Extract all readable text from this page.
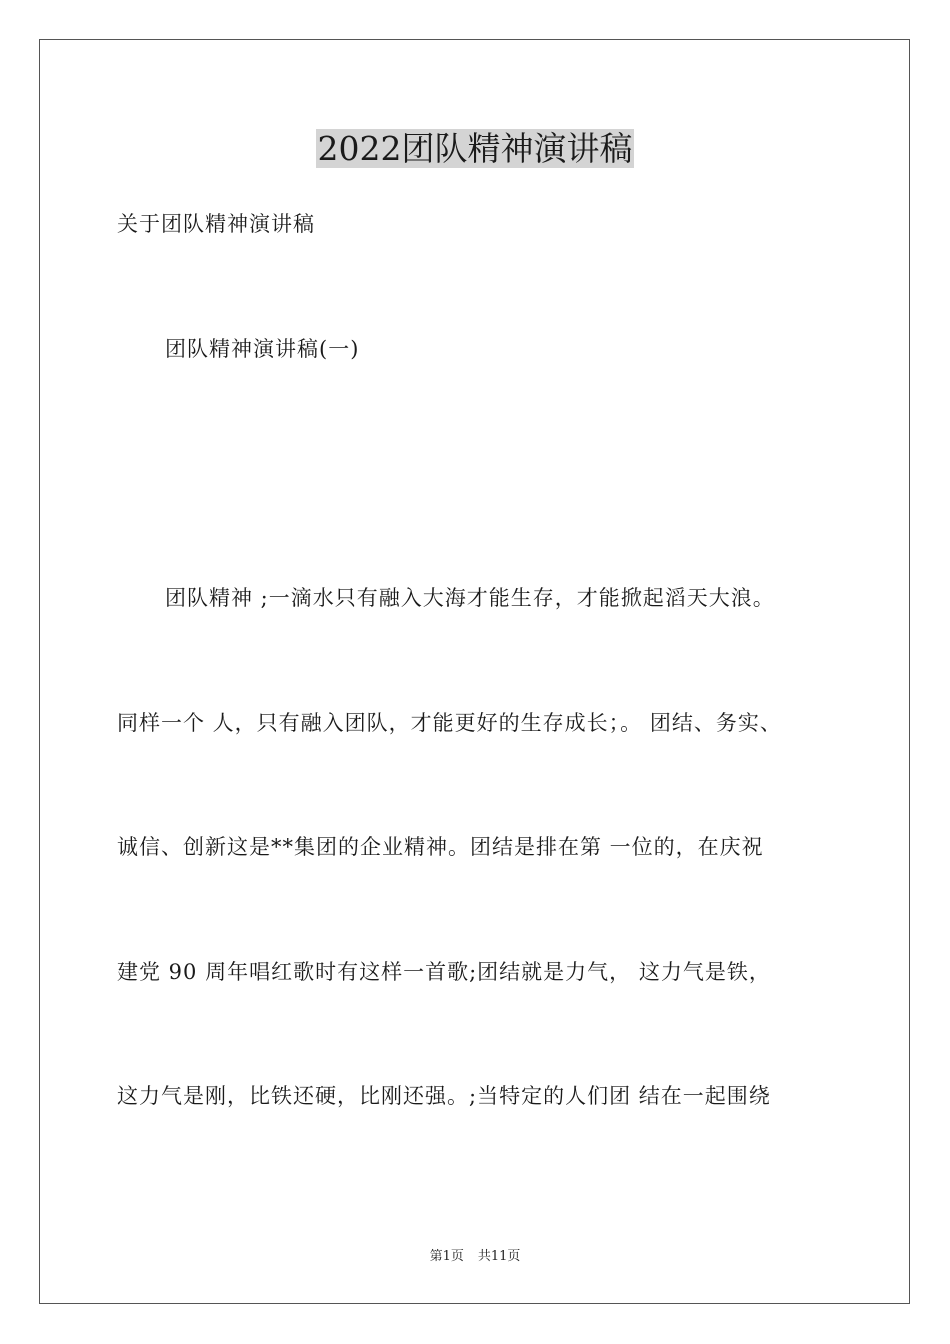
2022团队精神演讲稿
关于团队精神演讲稿
团队精神演讲稿(一)
团队精神 ;一滴水只有融入大海才能生存，才能掀起滔天大浪。
同样一个 人，只有融入团队，才能更好的生存成长；。 团结、务实、
诚信、创新这是**集团的企业精神。团结是排在第 一位的，在庆祝
建党 90 周年唱红歌时有这样一首歌;团结就是力气， 这力气是铁，
这力气是刚，比铁还硬，比刚还强。;当特定的人们团 结在一起围绕
第1页 共11页
